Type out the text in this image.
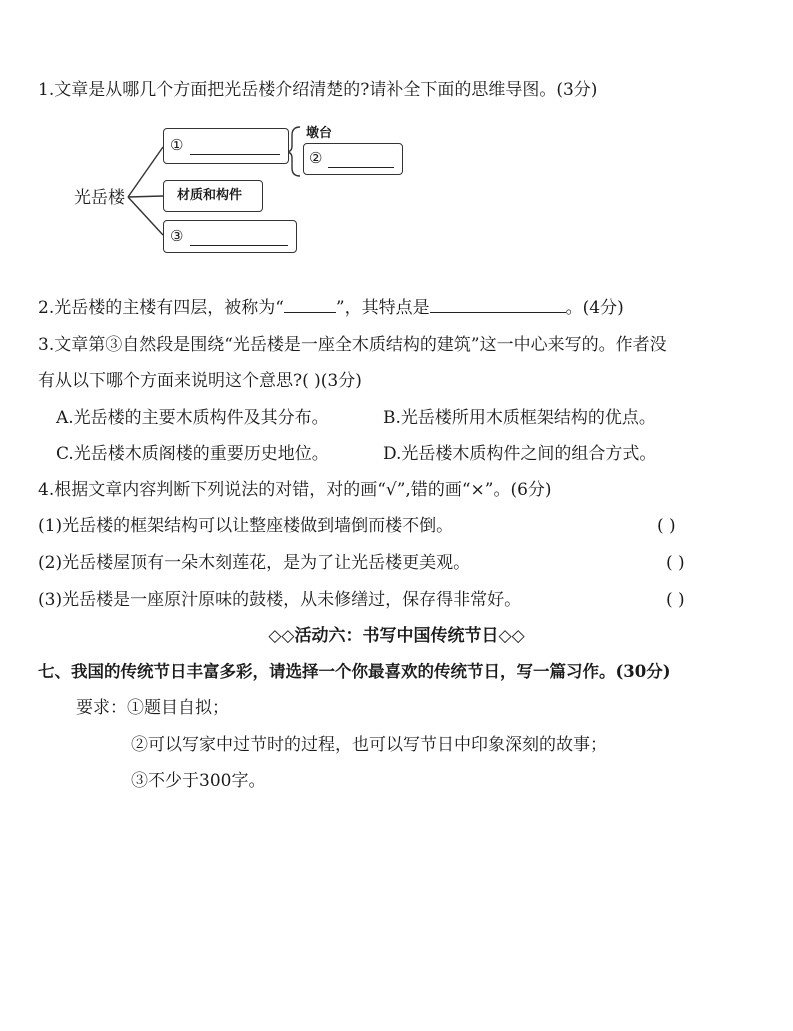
1.文章是从哪几个方面把光岳楼介绍清楚的?请补全下面的思维导图。(3分)
光岳楼
①
墩台
②
材质和构件
③
2.光岳楼的主楼有四层，被称为“	”，其特点是	。(4分)
3.文章第③自然段是围绕“光岳楼是一座全木质结构的建筑”这一中心来写的。作者没
有从以下哪个方面来说明这个意思?( )(3分)
A.光岳楼的主要木质构件及其分布。	B.光岳楼所用木质框架结构的优点。
C.光岳楼木质阁楼的重要历史地位。	D.光岳楼木质构件之间的组合方式。
4.根据文章内容判断下列说法的对错，对的画“√”,错的画“×”。(6分)
(1)光岳楼的框架结构可以让整座楼做到墙倒而楼不倒。	( )
(2)光岳楼屋顶有一朵木刻莲花，是为了让光岳楼更美观。	( )
(3)光岳楼是一座原汁原味的鼓楼，从未修缮过，保存得非常好。	( )
◇◇活动六：书写中国传统节日◇◇
七、我国的传统节日丰富多彩，请选择一个你最喜欢的传统节日，写一篇习作。(30分)
要求：①题目自拟；
②可以写家中过节时的过程，也可以写节日中印象深刻的故事；
③不少于300字。
